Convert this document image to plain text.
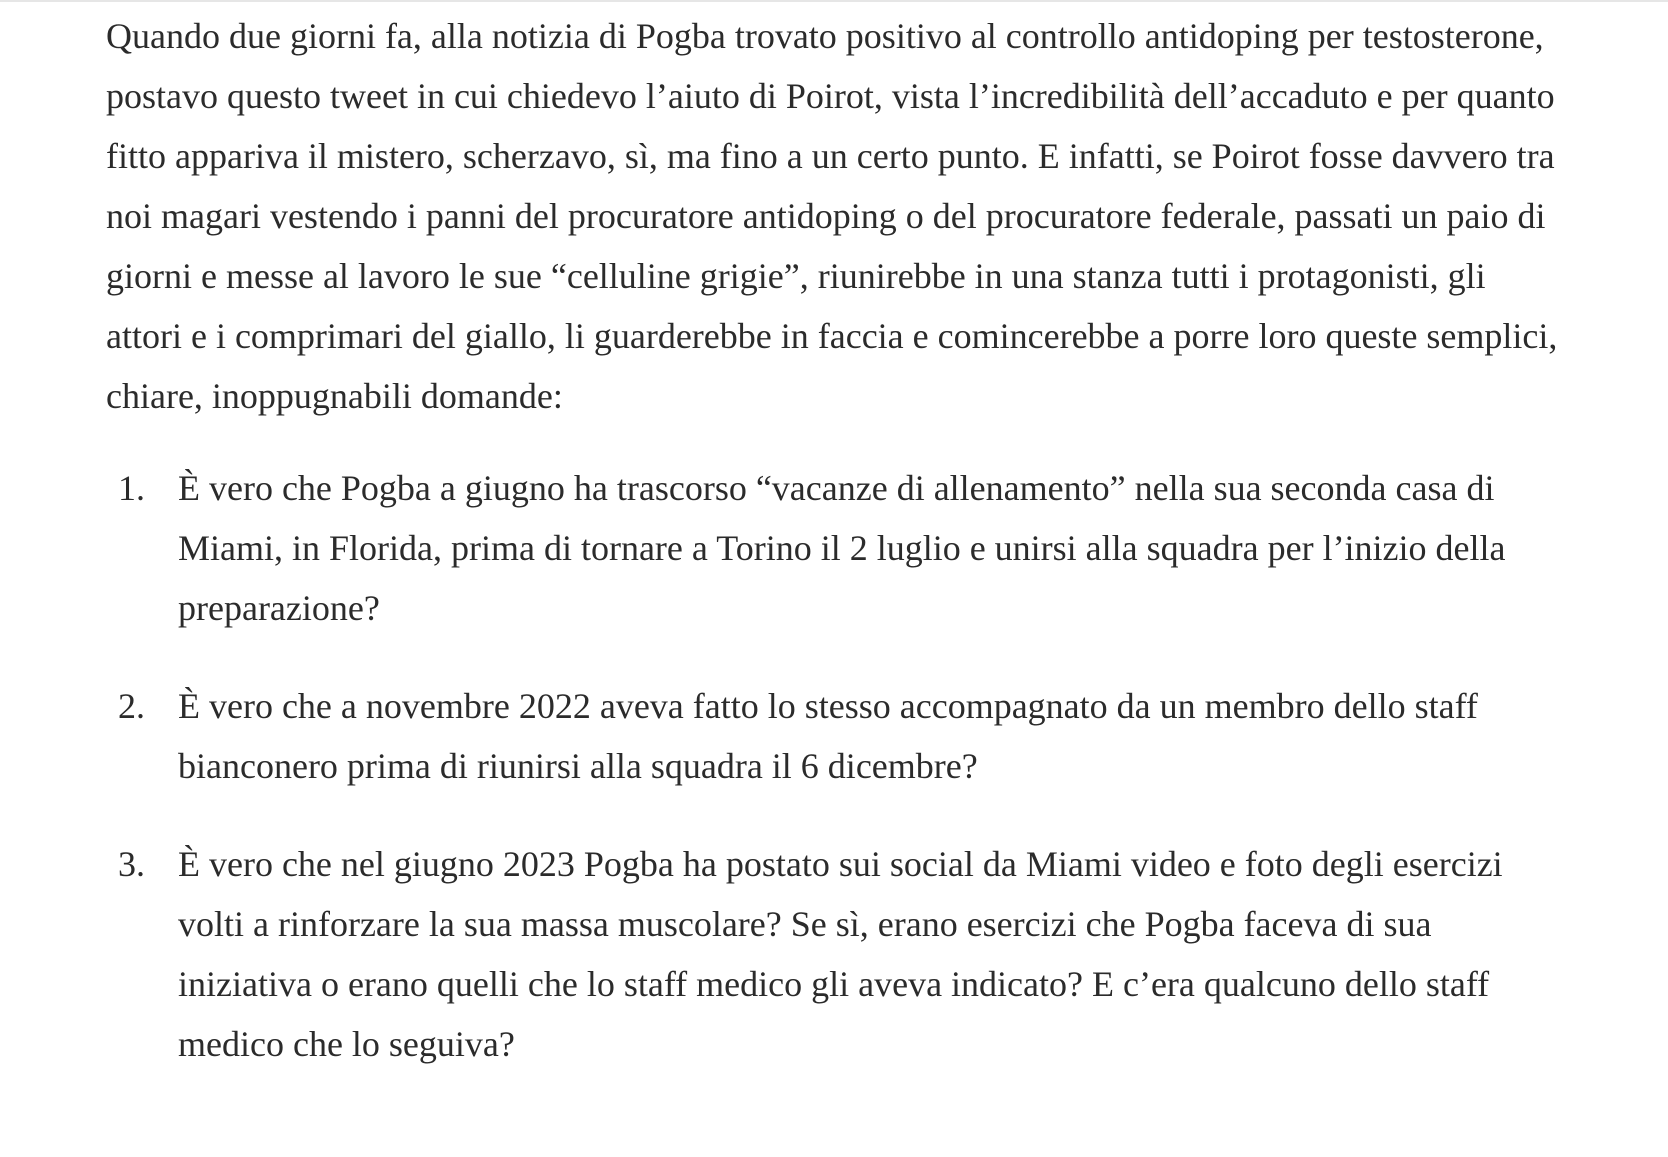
Quando due giorni fa, alla notizia di Pogba trovato positivo al controllo antidoping per testosterone, postavo questo tweet in cui chiedevo l’aiuto di Poirot, vista l’incredibilità dell’accaduto e per quanto fitto appariva il mistero, scherzavo, sì, ma fino a un certo punto. E infatti, se Poirot fosse davvero tra noi magari vestendo i panni del procuratore antidoping o del procuratore federale, passati un paio di giorni e messe al lavoro le sue “celluline grigie”, riunirebbe in una stanza tutti i protagonisti, gli attori e i comprimari del giallo, li guarderebbe in faccia e comincerebbe a porre loro queste semplici, chiare, inoppugnabili domande:

1. È vero che Pogba a giugno ha trascorso “vacanze di allenamento” nella sua seconda casa di Miami, in Florida, prima di tornare a Torino il 2 luglio e unirsi alla squadra per l’inizio della preparazione?
2. È vero che a novembre 2022 aveva fatto lo stesso accompagnato da un membro dello staff bianconero prima di riunirsi alla squadra il 6 dicembre?
3. È vero che nel giugno 2023 Pogba ha postato sui social da Miami video e foto degli esercizi volti a rinforzare la sua massa muscolare? Se sì, erano esercizi che Pogba faceva di sua iniziativa o erano quelli che lo staff medico gli aveva indicato? E c’era qualcuno dello staff medico che lo seguiva?
